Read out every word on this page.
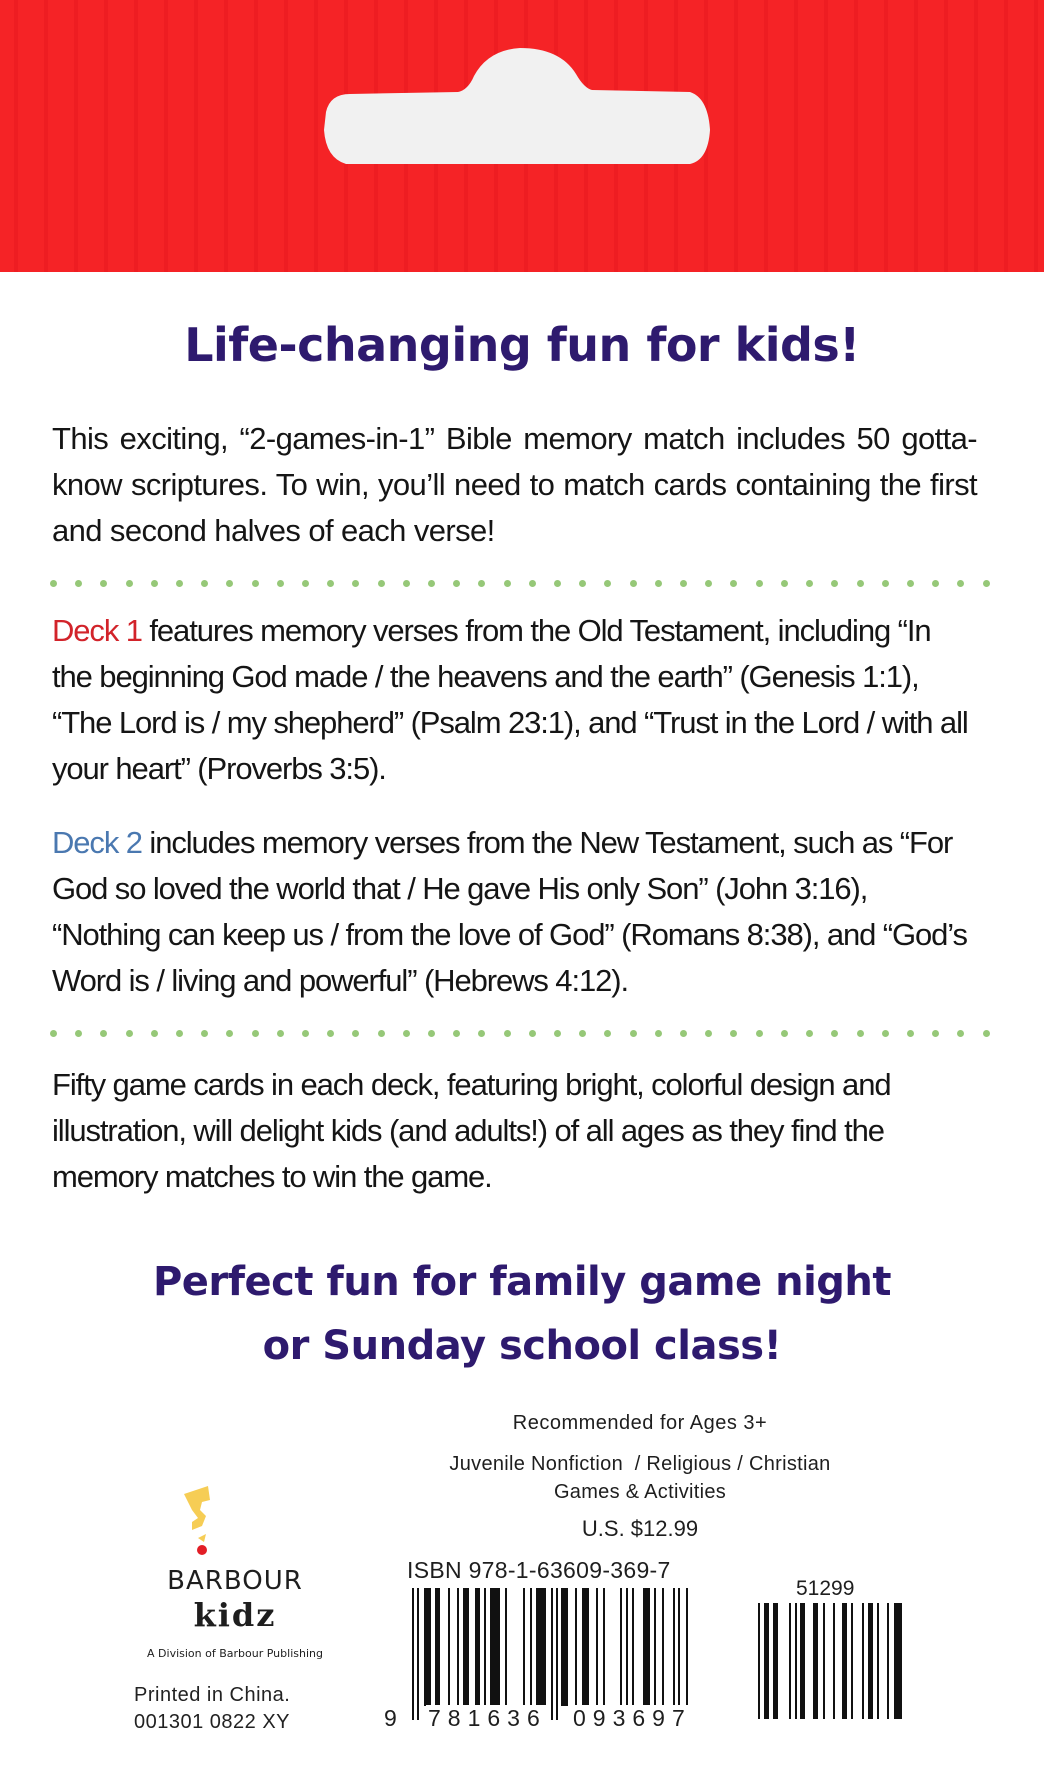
Life-changing fun for kids!

This exciting, “2-games-in-1” Bible memory match includes 50 gotta-know scriptures. To win, you’ll need to match cards containing the first and second halves of each verse!

Deck 1 features memory verses from the Old Testament, including “In the beginning God made / the heavens and the earth” (Genesis 1:1), “The Lord is / my shepherd” (Psalm 23:1), and “Trust in the Lord / with all your heart” (Proverbs 3:5).

Deck 2 includes memory verses from the New Testament, such as “For God so loved the world that / He gave His only Son” (John 3:16), “Nothing can keep us / from the love of God” (Romans 8:38), and “God’s Word is / living and powerful” (Hebrews 4:12).

Fifty game cards in each deck, featuring bright, colorful design and illustration, will delight kids (and adults!) of all ages as they find the memory matches to win the game.

Perfect fun for family game night
or Sunday school class!
Recommended for Ages 3+
Juvenile Nonfiction  / Religious / Christian
Games & Activities
U.S. $12.99
ISBN 978-1-63609-369-7
9 781636 093697
51299
BARBOUR
kidz
A Division of Barbour Publishing
Printed in China.
001301 0822 XY
